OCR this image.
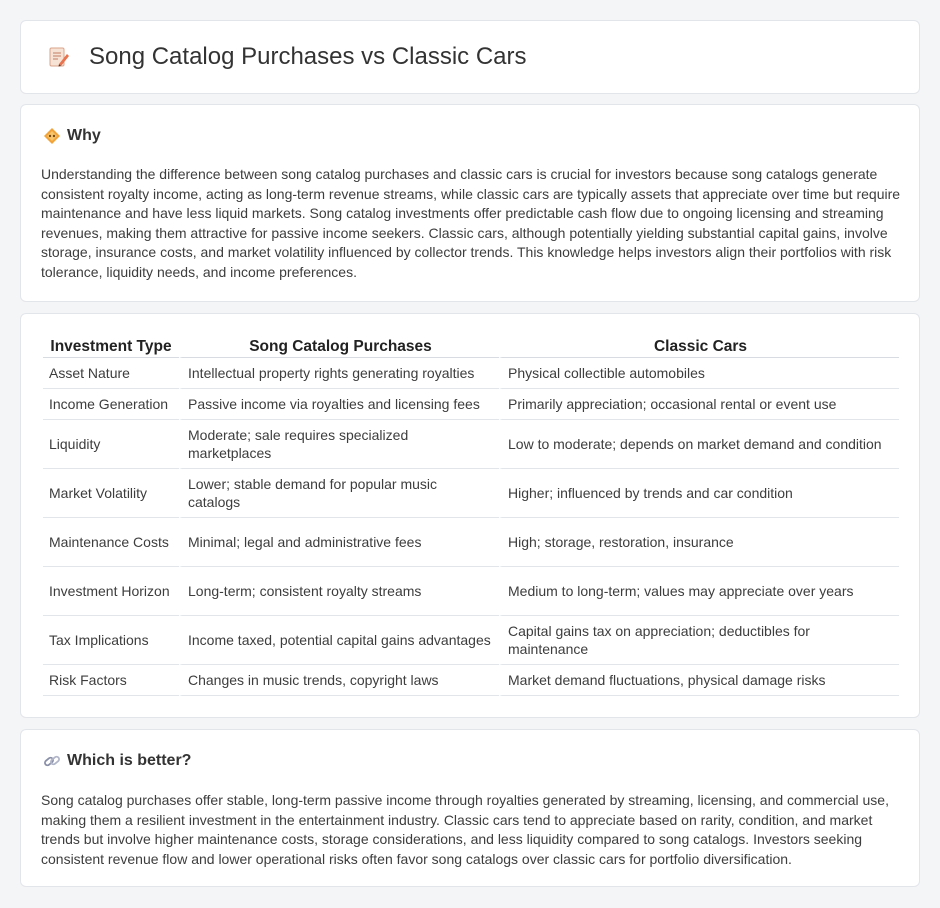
Song Catalog Purchases vs Classic Cars
Why

Understanding the difference between song catalog purchases and classic cars is crucial for investors because song catalogs generate consistent royalty income, acting as long-term revenue streams, while classic cars are typically assets that appreciate over time but require maintenance and have less liquid markets. Song catalog investments offer predictable cash flow due to ongoing licensing and streaming revenues, making them attractive for passive income seekers. Classic cars, although potentially yielding substantial capital gains, involve storage, insurance costs, and market volatility influenced by collector trends. This knowledge helps investors align their portfolios with risk tolerance, liquidity needs, and income preferences.

Investment Type	Song Catalog Purchases	Classic Cars
Asset Nature	Intellectual property rights generating royalties	Physical collectible automobiles
Income Generation	Passive income via royalties and licensing fees	Primarily appreciation; occasional rental or event use
Liquidity	Moderate; sale requires specialized marketplaces	Low to moderate; depends on market demand and condition
Market Volatility	Lower; stable demand for popular music catalogs	Higher; influenced by trends and car condition
Maintenance Costs	Minimal; legal and administrative fees	High; storage, restoration, insurance
Investment Horizon	Long-term; consistent royalty streams	Medium to long-term; values may appreciate over years
Tax Implications	Income taxed, potential capital gains advantages	Capital gains tax on appreciation; deductibles for maintenance
Risk Factors	Changes in music trends, copyright laws	Market demand fluctuations, physical damage risks
Which is better?

Song catalog purchases offer stable, long-term passive income through royalties generated by streaming, licensing, and commercial use, making them a resilient investment in the entertainment industry. Classic cars tend to appreciate based on rarity, condition, and market trends but involve higher maintenance costs, storage considerations, and less liquidity compared to song catalogs. Investors seeking consistent revenue flow and lower operational risks often favor song catalogs over classic cars for portfolio diversification.
